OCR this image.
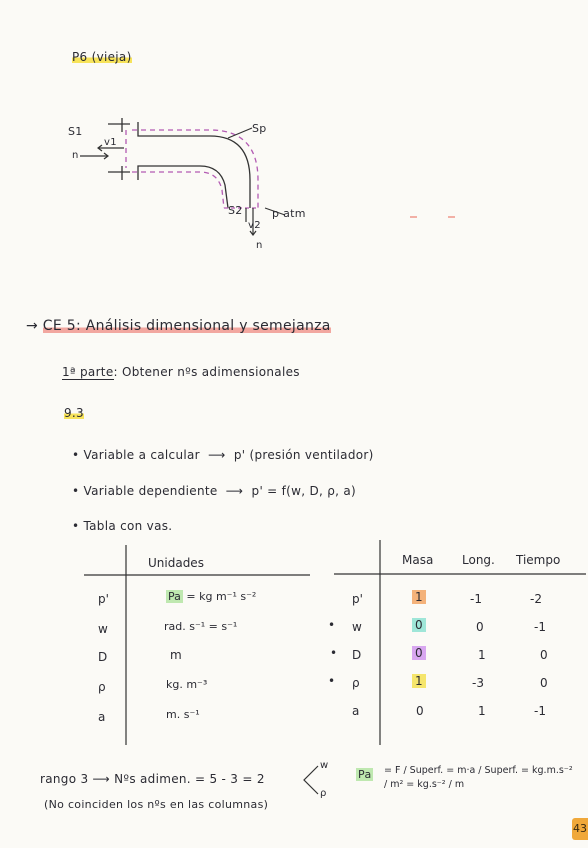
P6 (vieja)
S1
v1
n
Sp
S2
v2
n
p atm
→ CE 5: Análisis dimensional y semejanza
1ª parte: Obtener nºs adimensionales
9.3
• Variable a calcular ⟶ p' (presión ventilador)
• Variable dependiente ⟶ p' = f(w, D, ρ, a)
• Tabla con vas.
Unidades
p'	Pa = kg m⁻¹ s⁻²
w	rad. s⁻¹ = s⁻¹
D	m
ρ	kg. m⁻³
a	m. s⁻¹
Masa Long. Tiempo
p'	1	-1	-2
• w	0	0	-1
• D	0	1	0
• ρ	1	-3	0
a	0	1	-1
rango 3 ⟶ Nºs adimen. = 5 - 3 = 2
w
ρ
(No coinciden los nºs en las columnas)
Pa = F / Superf. = m·a / Superf. = kg.m.s⁻² / m² = kg.s⁻² / m
43
